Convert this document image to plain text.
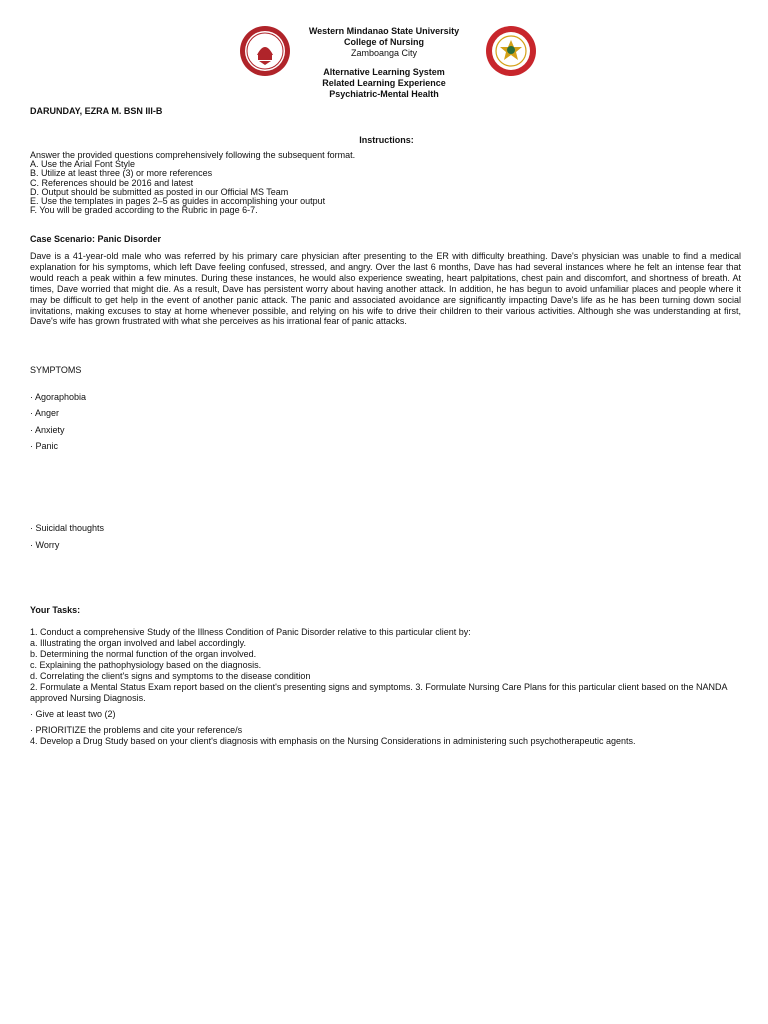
Western Mindanao State University
College of Nursing
Zamboanga City
Alternative Learning System
Related Learning Experience
Psychiatric-Mental Health
DARUNDAY, EZRA M. BSN III-B
Instructions:
Answer the provided questions comprehensively following the subsequent format.
A. Use the Arial Font Style
B. Utilize at least three (3) or more references
C. References should be 2016 and latest
D. Output should be submitted as posted in our Official MS Team
E. Use the templates in pages 2–5 as guides in accomplishing your output
F. You will be graded according to the Rubric in page 6-7.
Case Scenario: Panic Disorder
Dave is a 41-year-old male who was referred by his primary care physician after presenting to the ER with difficulty breathing. Dave's physician was unable to find a medical explanation for his symptoms, which left Dave feeling confused, stressed, and angry. Over the last 6 months, Dave has had several instances where he felt an intense fear that would reach a peak within a few minutes. During these instances, he would also experience sweating, heart palpitations, chest pain and discomfort, and shortness of breath. At times, Dave worried that might die. As a result, Dave has persistent worry about having another attack. In addition, he has begun to avoid unfamiliar places and people where it may be difficult to get help in the event of another panic attack. The panic and associated avoidance are significantly impacting Dave's life as he has been turning down social invitations, making excuses to stay at home whenever possible, and relying on his wife to drive their children to their various activities. Although she was understanding at first, Dave's wife has grown frustrated with what she perceives as his irrational fear of panic attacks.
SYMPTOMS
· Agoraphobia
· Anger
· Anxiety
· Panic
· Suicidal thoughts
· Worry
Your Tasks:
1. Conduct a comprehensive Study of the Illness Condition of Panic Disorder relative to this particular client by:
a. Illustrating the organ involved and label accordingly.
b. Determining the normal function of the organ involved.
c. Explaining the pathophysiology based on the diagnosis.
d. Correlating the client's signs and symptoms to the disease condition
2. Formulate a Mental Status Exam report based on the client's presenting signs and symptoms. 3. Formulate Nursing Care Plans for this particular client based on the NANDA approved Nursing Diagnosis.
· Give at least two (2)
· PRIORITIZE the problems and cite your reference/s
4. Develop a Drug Study based on your client's diagnosis with emphasis on the Nursing Considerations in administering such psychotherapeutic agents.
